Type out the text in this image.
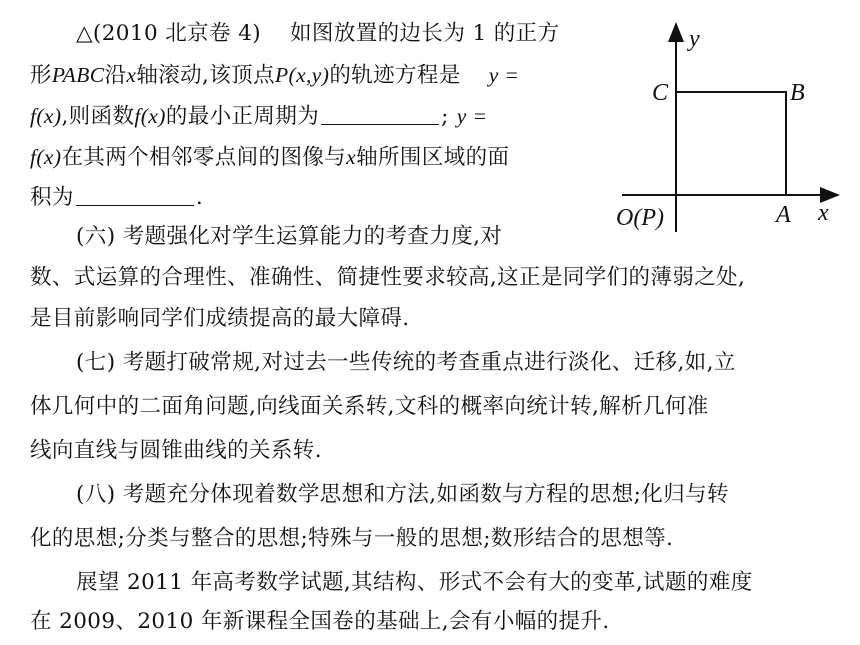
△(2010 北京卷 4) 如图放置的边长为 1 的正方
形PABC沿x轴滚动,该顶点P(x,y)的轨迹方程是 y =
f(x),则函数f(x)的最小正周期为	; y =
f(x)在其两个相邻零点间的图像与x轴所围区域的面
积为	.
y
x
C	B
A
O(P)
(六) 考题强化对学生运算能力的考查力度,对
数、式运算的合理性、准确性、简捷性要求较高,这正是同学们的薄弱之处,
是目前影响同学们成绩提高的最大障碍.
(七) 考题打破常规,对过去一些传统的考查重点进行淡化、迁移,如,立
体几何中的二面角问题,向线面关系转,文科的概率向统计转,解析几何准
线向直线与圆锥曲线的关系转.
(八) 考题充分体现着数学思想和方法,如函数与方程的思想;化归与转
化的思想;分类与整合的思想;特殊与一般的思想;数形结合的思想等.
展望 2011 年高考数学试题,其结构、形式不会有大的变革,试题的难度
在 2009、2010 年新课程全国卷的基础上,会有小幅的提升.
